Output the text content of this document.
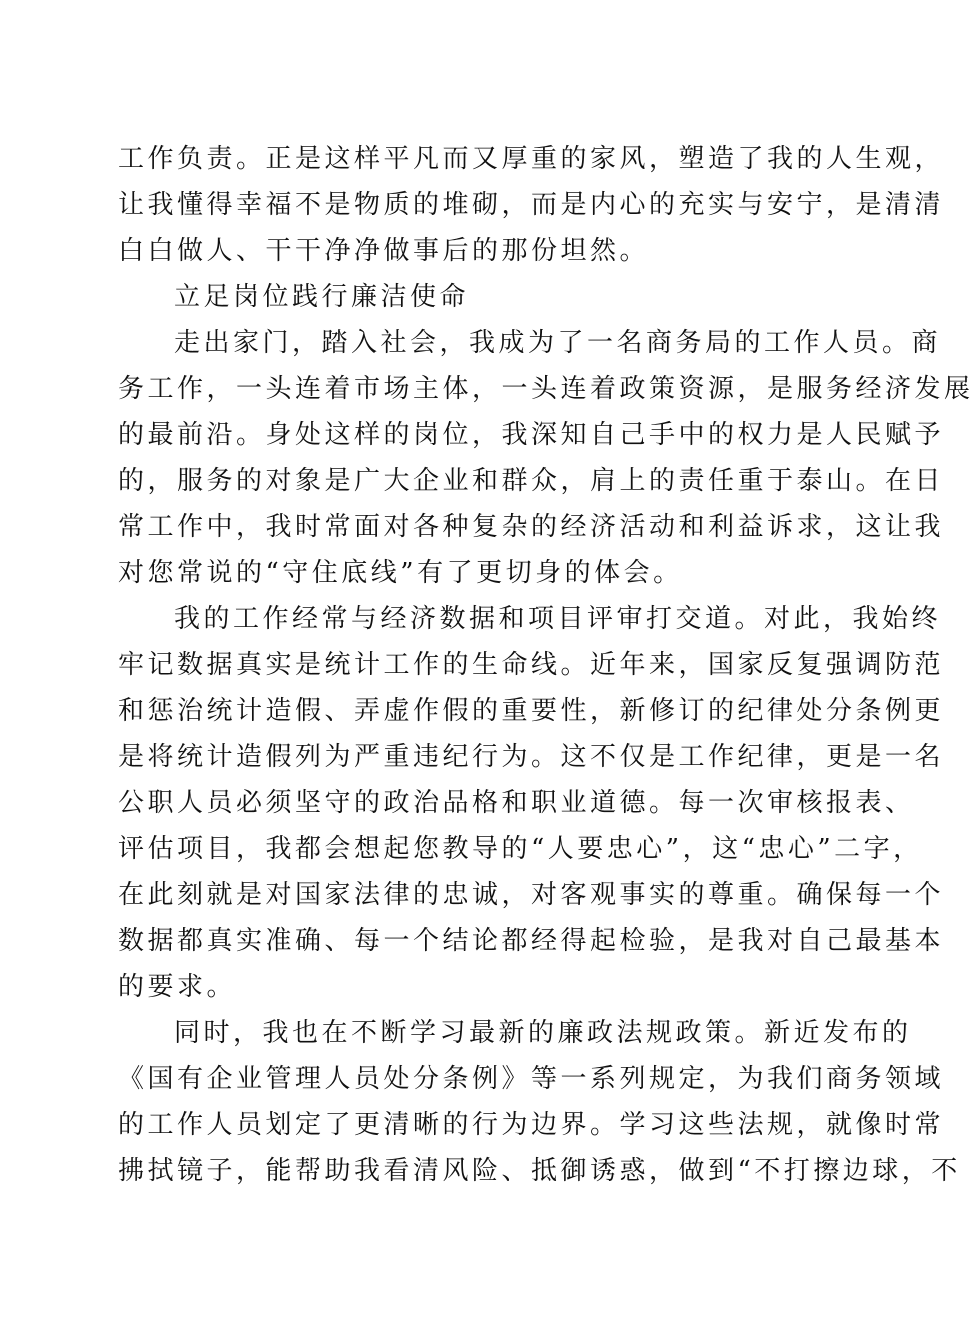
工作负责。正是这样平凡而又厚重的家风，塑造了我的人生观，
让我懂得幸福不是物质的堆砌，而是内心的充实与安宁，是清清
白白做人、干干净净做事后的那份坦然。
立足岗位践行廉洁使命
走出家门，踏入社会，我成为了一名商务局的工作人员。商
务工作，一头连着市场主体，一头连着政策资源，是服务经济发展
的最前沿。身处这样的岗位，我深知自己手中的权力是人民赋予
的，服务的对象是广大企业和群众，肩上的责任重于泰山。在日
常工作中，我时常面对各种复杂的经济活动和利益诉求，这让我
对您常说的“守住底线”有了更切身的体会。
我的工作经常与经济数据和项目评审打交道。对此，我始终
牢记数据真实是统计工作的生命线。近年来，国家反复强调防范
和惩治统计造假、弄虚作假的重要性，新修订的纪律处分条例更
是将统计造假列为严重违纪行为。这不仅是工作纪律，更是一名
公职人员必须坚守的政治品格和职业道德。每一次审核报表、
评估项目，我都会想起您教导的“人要忠心”，这“忠心”二字，
在此刻就是对国家法律的忠诚，对客观事实的尊重。确保每一个
数据都真实准确、每一个结论都经得起检验，是我对自己最基本
的要求。
同时，我也在不断学习最新的廉政法规政策。新近发布的
《国有企业管理人员处分条例》等一系列规定，为我们商务领域
的工作人员划定了更清晰的行为边界。学习这些法规，就像时常
拂拭镜子，能帮助我看清风险、抵御诱惑，做到“不打擦边球，不
